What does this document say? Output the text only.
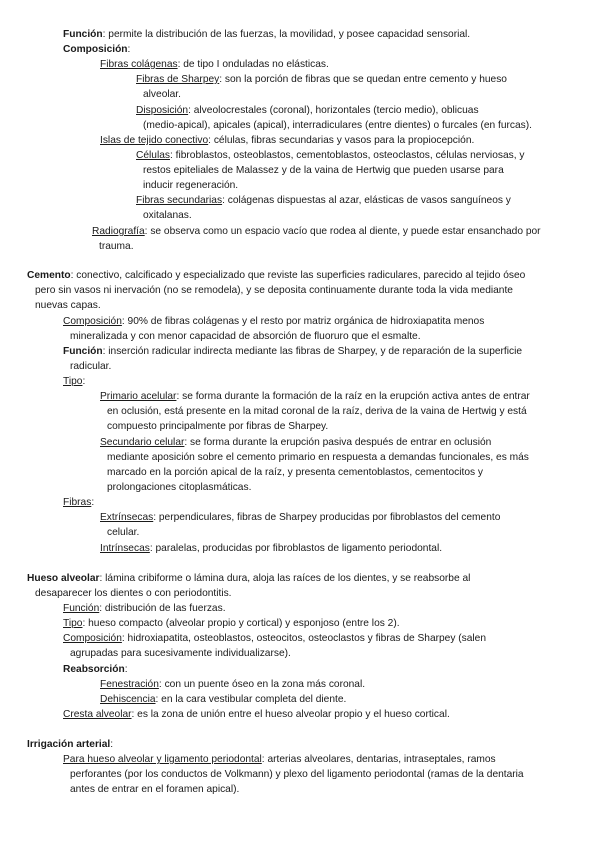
Función: permite la distribución de las fuerzas, la movilidad, y posee capacidad sensorial.
Composición:
Fibras colágenas: de tipo I onduladas no elásticas.
Fibras de Sharpey: son la porción de fibras que se quedan entre cemento y hueso
alveolar.
Disposición: alveolocrestales (coronal), horizontales (tercio medio), oblicuas
(medio-apical), apicales (apical), interradiculares (entre dientes) o furcales (en furcas).
Islas de tejido conectivo: células, fibras secundarias y vasos para la propiocepción.
Células: fibroblastos, osteoblastos, cementoblastos, osteoclastos, células nerviosas, y
restos epiteliales de Malassez y de la vaina de Hertwig que pueden usarse para
inducir regeneración.
Fibras secundarias: colágenas dispuestas al azar, elásticas de vasos sanguíneos y
oxitalanas.
Radiografía: se observa como un espacio vacío que rodea al diente, y puede estar ensanchado por
trauma.
Cemento: conectivo, calcificado y especializado que reviste las superficies radiculares, parecido al tejido óseo
pero sin vasos ni inervación (no se remodela), y se deposita continuamente durante toda la vida mediante
nuevas capas.
Composición: 90% de fibras colágenas y el resto por matriz orgánica de hidroxiapatita menos
mineralizada y con menor capacidad de absorción de fluoruro que el esmalte.
Función: inserción radicular indirecta mediante las fibras de Sharpey, y de reparación de la superficie
radicular.
Tipo:
Primario acelular: se forma durante la formación de la raíz en la erupción activa antes de entrar
en oclusión, está presente en la mitad coronal de la raíz, deriva de la vaina de Hertwig y está
compuesto principalmente por fibras de Sharpey.
Secundario celular: se forma durante la erupción pasiva después de entrar en oclusión
mediante aposición sobre el cemento primario en respuesta a demandas funcionales, es más
marcado en la porción apical de la raíz, y presenta cementoblastos, cementocitos y
prolongaciones citoplasmáticas.
Fibras:
Extrínsecas: perpendiculares, fibras de Sharpey producidas por fibroblastos del cemento
celular.
Intrínsecas: paralelas, producidas por fibroblastos de ligamento periodontal.
Hueso alveolar: lámina cribiforme o lámina dura, aloja las raíces de los dientes, y se reabsorbe al
desaparecer los dientes o con periodontitis.
Función: distribución de las fuerzas.
Tipo: hueso compacto (alveolar propio y cortical) y esponjoso (entre los 2).
Composición: hidroxiapatita, osteoblastos, osteocitos, osteoclastos y fibras de Sharpey (salen
agrupadas para sucesivamente individualizarse).
Reabsorción:
Fenestración: con un puente óseo en la zona más coronal.
Dehiscencia: en la cara vestibular completa del diente.
Cresta alveolar: es la zona de unión entre el hueso alveolar propio y el hueso cortical.
Irrigación arterial:
Para hueso alveolar y ligamento periodontal: arterias alveolares, dentarias, intraseptales, ramos
perforantes (por los conductos de Volkmann) y plexo del ligamento periodontal (ramas de la dentaria
antes de entrar en el foramen apical).
